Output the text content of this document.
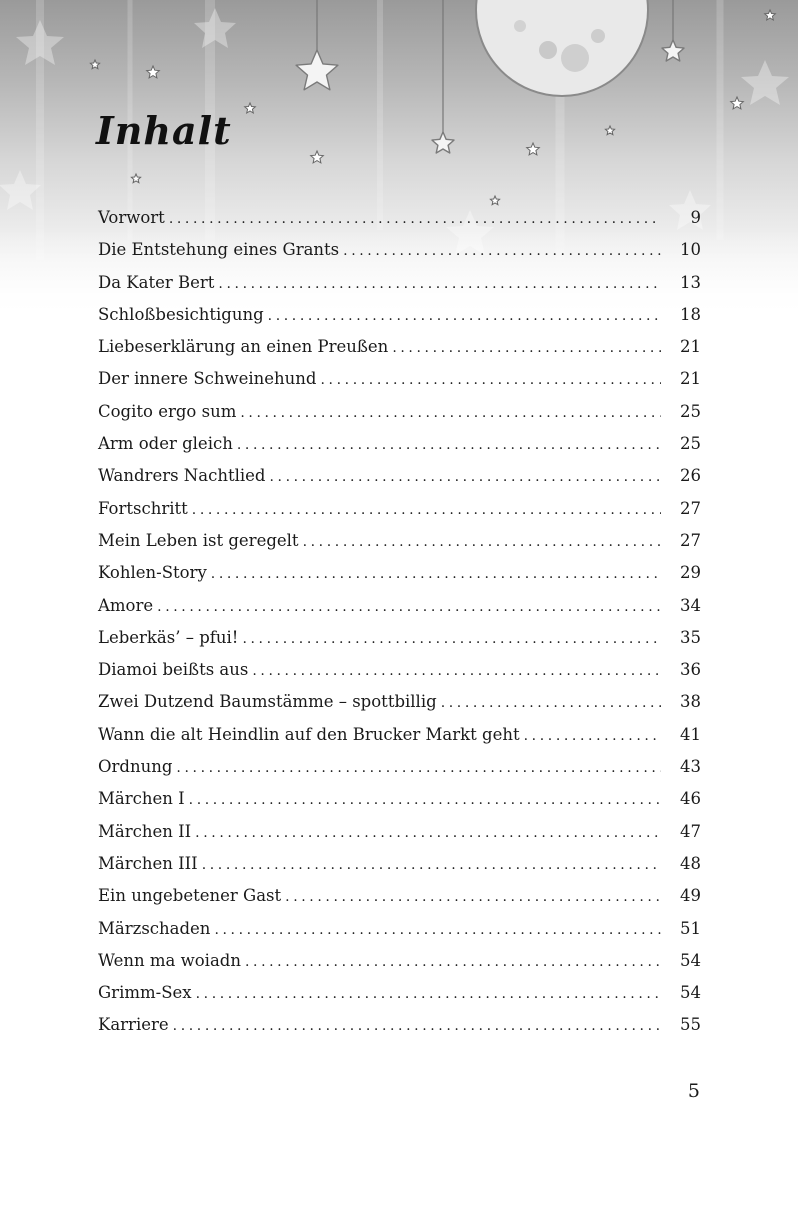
Inhalt
Vorwort .....	9
Die Entstehung eines Grants .....	10
Da Kater Bert .....	13
Schloßbesichtigung .....	18
Liebeserklärung an einen Preußen .....	21
Der innere Schweinehund .....	21
Cogito ergo sum .....	25
Arm oder gleich .....	25
Wandrers Nachtlied .....	26
Fortschritt .....	27
Mein Leben ist geregelt .....	27
Kohlen-Story .....	29
Amore .....	34
Leberkäs’ – pfui! .....	35
Diamoi beißts aus .....	36
Zwei Dutzend Baumstämme – spottbillig .....	38
Wann die alt Heindlin auf den Brucker Markt geht .....	41
Ordnung .....	43
Märchen I .....	46
Märchen II .....	47
Märchen III .....	48
Ein ungebetener Gast .....	49
Märzschaden .....	51
Wenn ma woiadn .....	54
Grimm-Sex .....	54
Karriere .....	55
5
